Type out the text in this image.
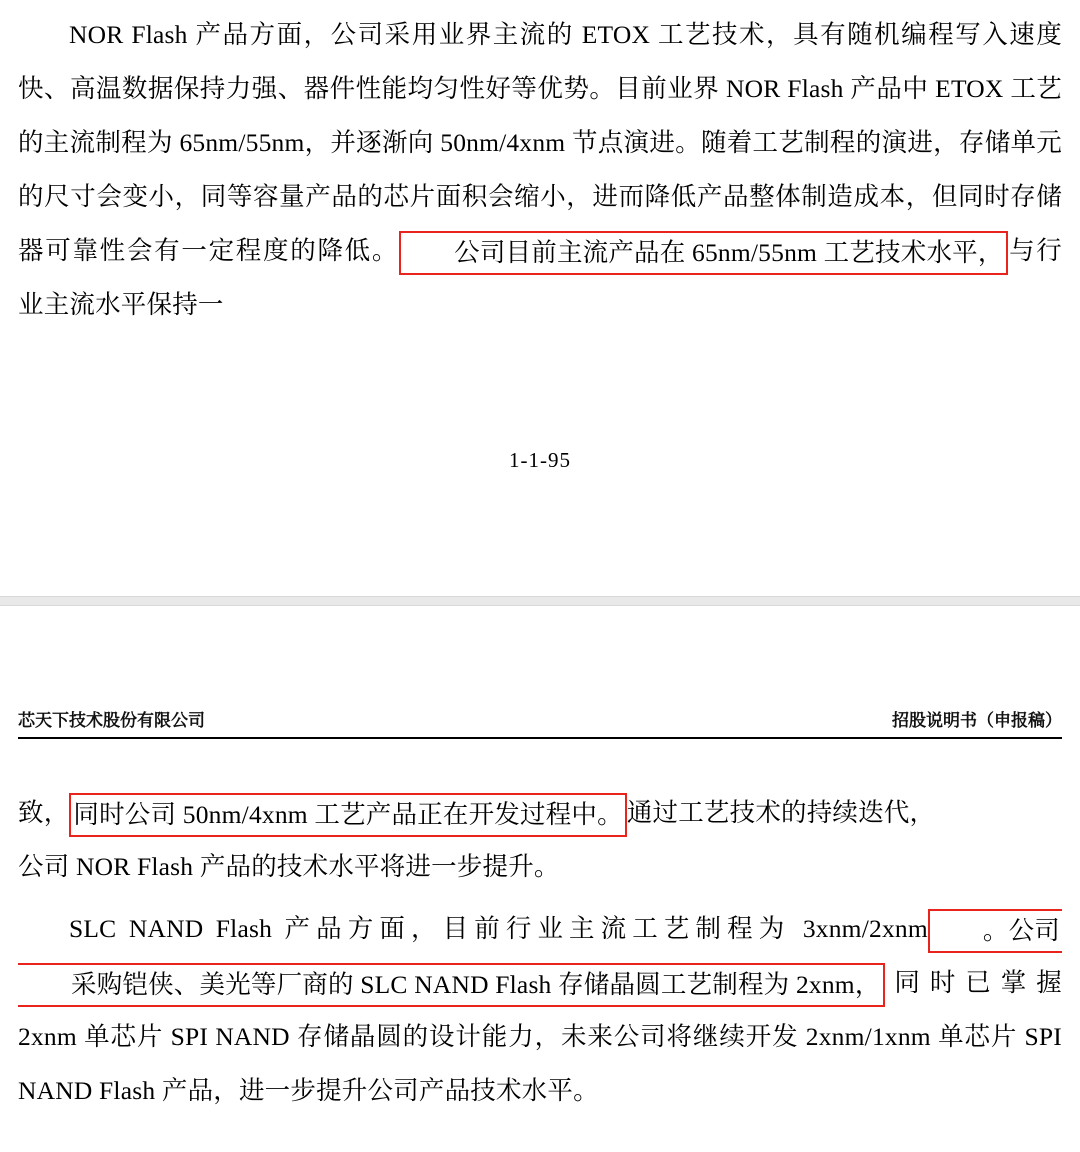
NOR Flash 产品方面，公司采用业界主流的 ETOX 工艺技术，具有随机编程写入速度快、高温数据保持力强、器件性能均匀性好等优势。目前业界 NOR Flash 产品中 ETOX 工艺的主流制程为 65nm/55nm，并逐渐向 50nm/4xnm 节点演进。随着工艺制程的演进，存储单元的尺寸会变小，同等容量产品的芯片面积会缩小，进而降低产品整体制造成本，但同时存储器可靠性会有一定程度的降低。 公司目前主流产品在 65nm/55nm 工艺技术水平， 与行业主流水平保持一

1-1-95
芯天下技术股份有限公司	招股说明书（申报稿）

致， 同时公司 50nm/4xnm 工艺产品正在开发过程中。 通过工艺技术的持续迭代，
公司 NOR Flash 产品的技术水平将进一步提升。

SLC NAND Flash 产品方面，目前行业主流工艺制程为 3xnm/2xnm 。公司采购铠侠、美光等厂商的 SLC NAND Flash 存储晶圆工艺制程为 2xnm， 同时已掌握 2xnm 单芯片 SPI NAND 存储晶圆的设计能力，未来公司将继续开发 2xnm/1xnm 单芯片 SPI NAND Flash 产品，进一步提升公司产品技术水平。
